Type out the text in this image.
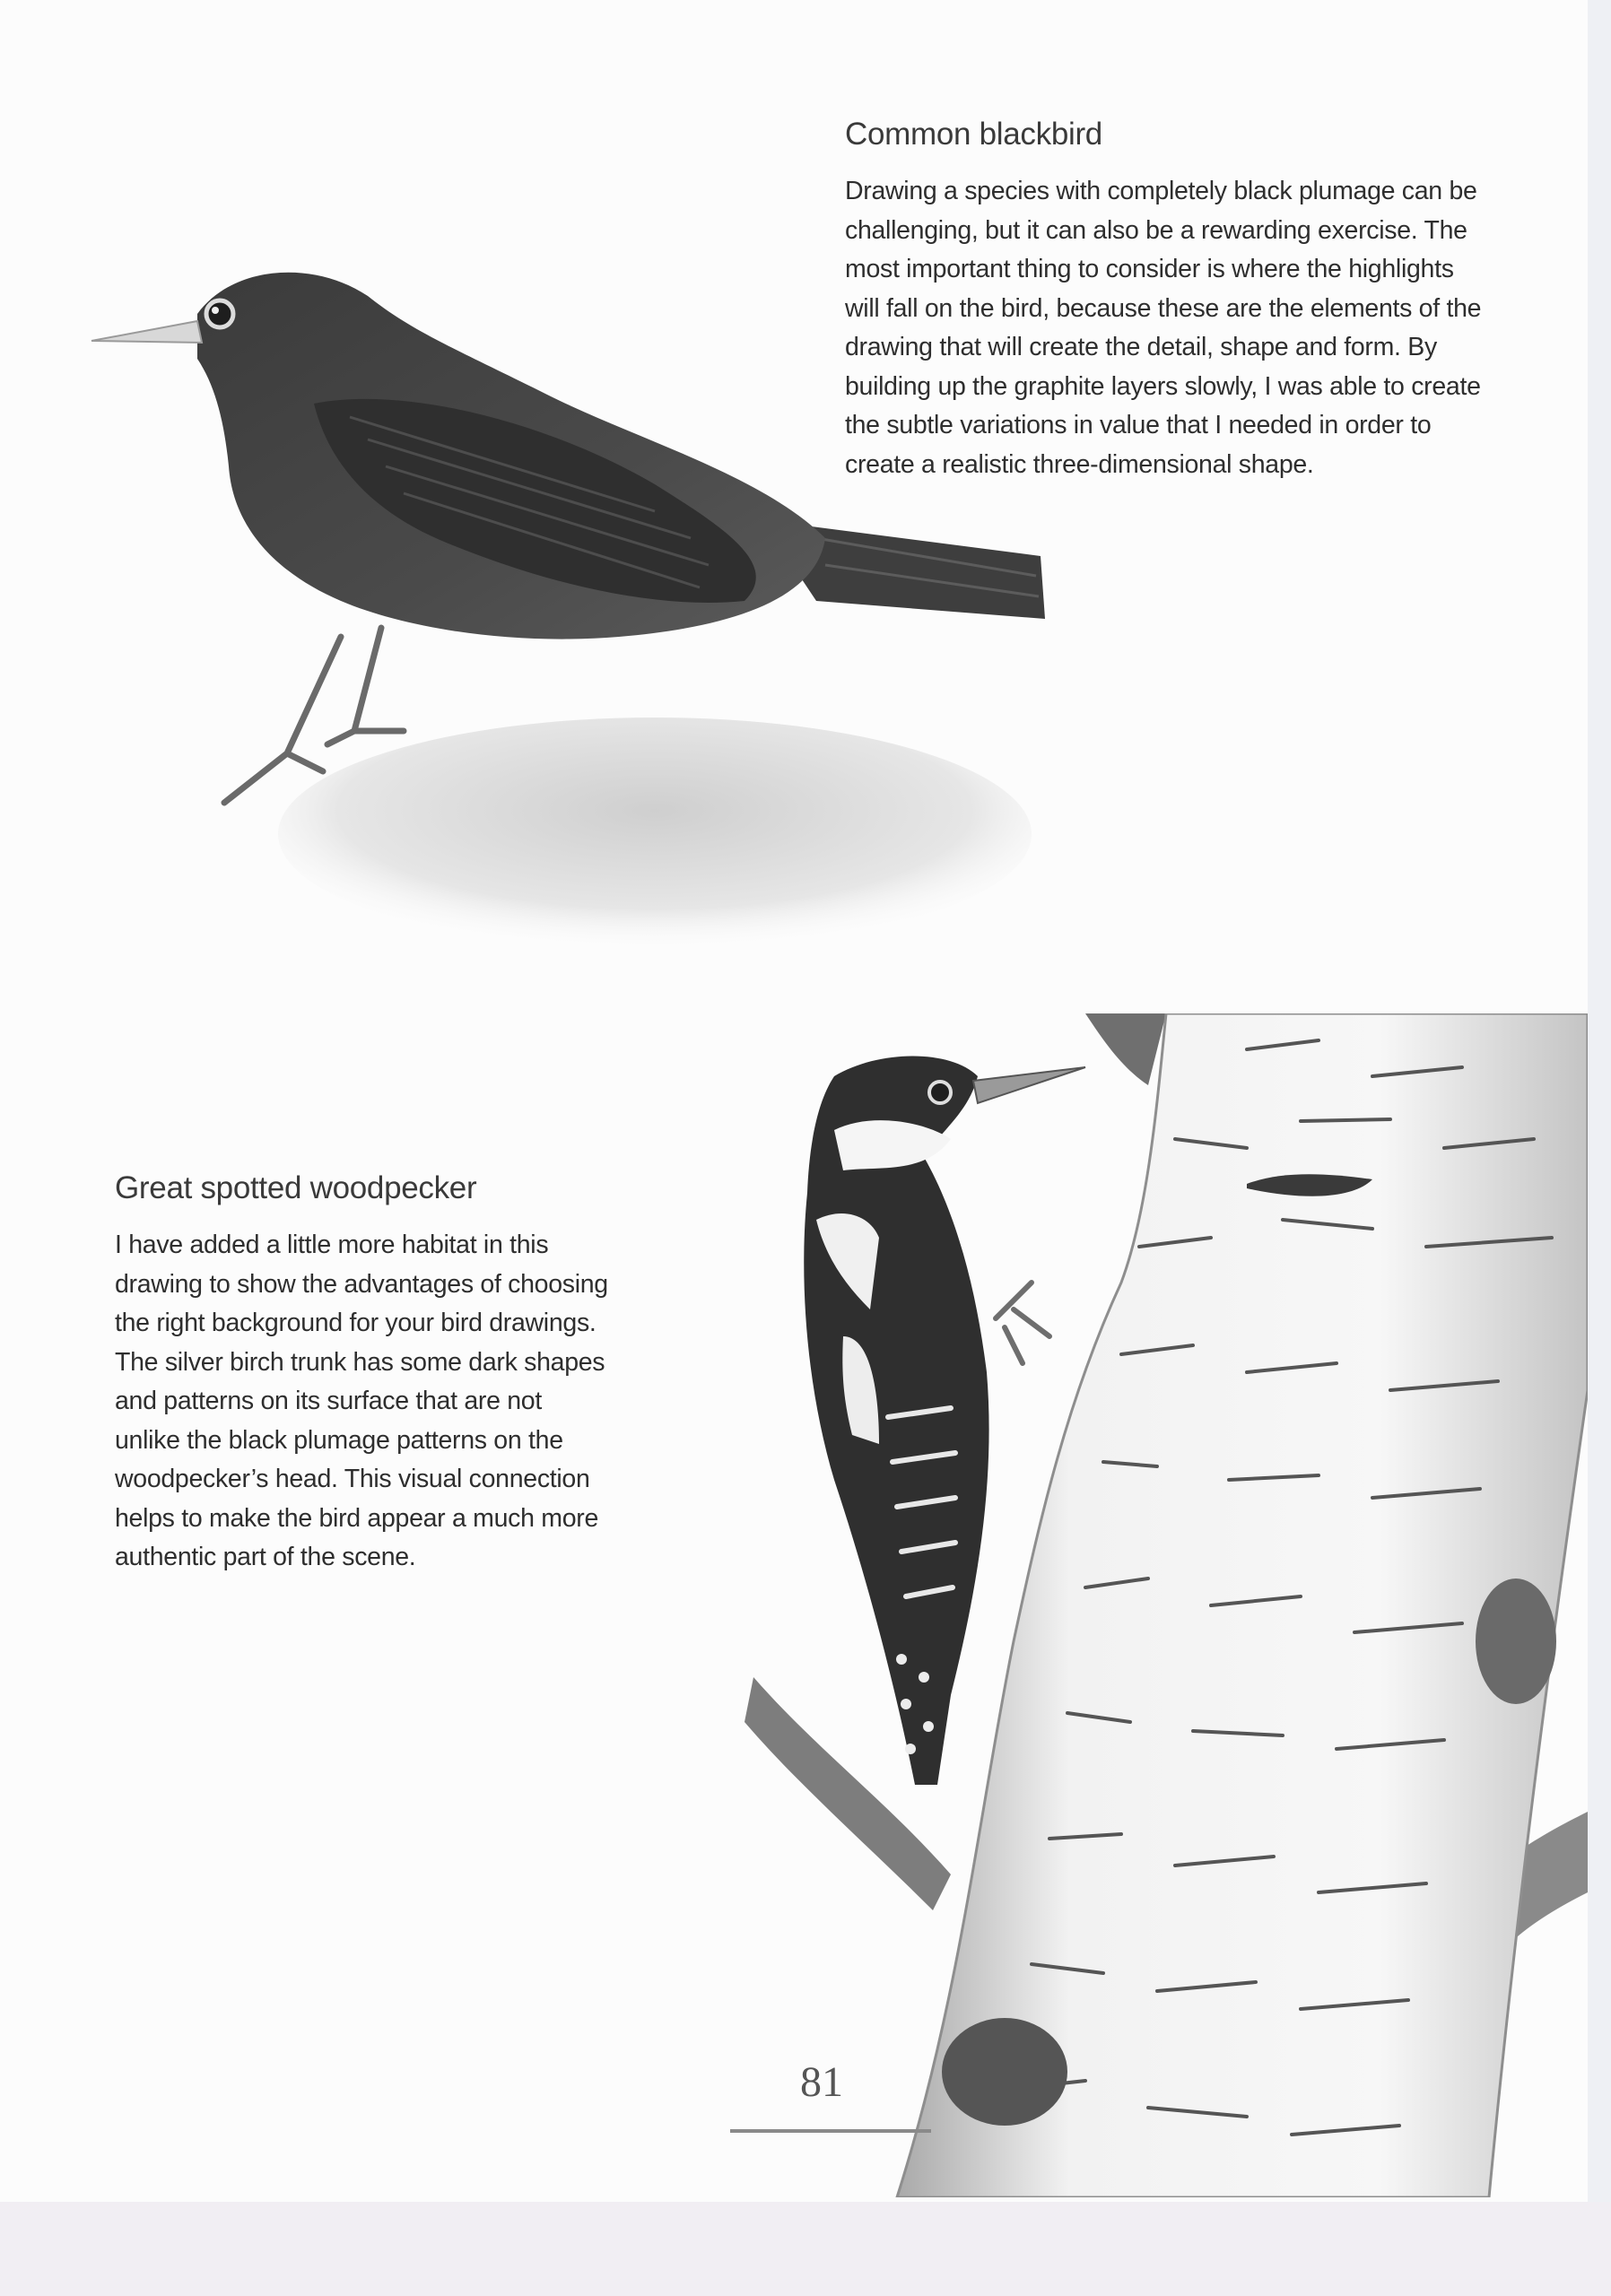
Common blackbird

Drawing a species with completely black plumage can be
challenging, but it can also be a rewarding exercise. The
most important thing to consider is where the highlights
will fall on the bird, because these are the elements of the
drawing that will create the detail, shape and form. By
building up the graphite layers slowly, I was able to create
the subtle variations in value that I needed in order to
create a realistic three-dimensional shape.

Great spotted woodpecker

I have added a little more habitat in this
drawing to show the advantages of choosing
the right background for your bird drawings.
The silver birch trunk has some dark shapes
and patterns on its surface that are not
unlike the black plumage patterns on the
woodpecker’s head. This visual connection
helps to make the bird appear a much more
authentic part of the scene.

81
